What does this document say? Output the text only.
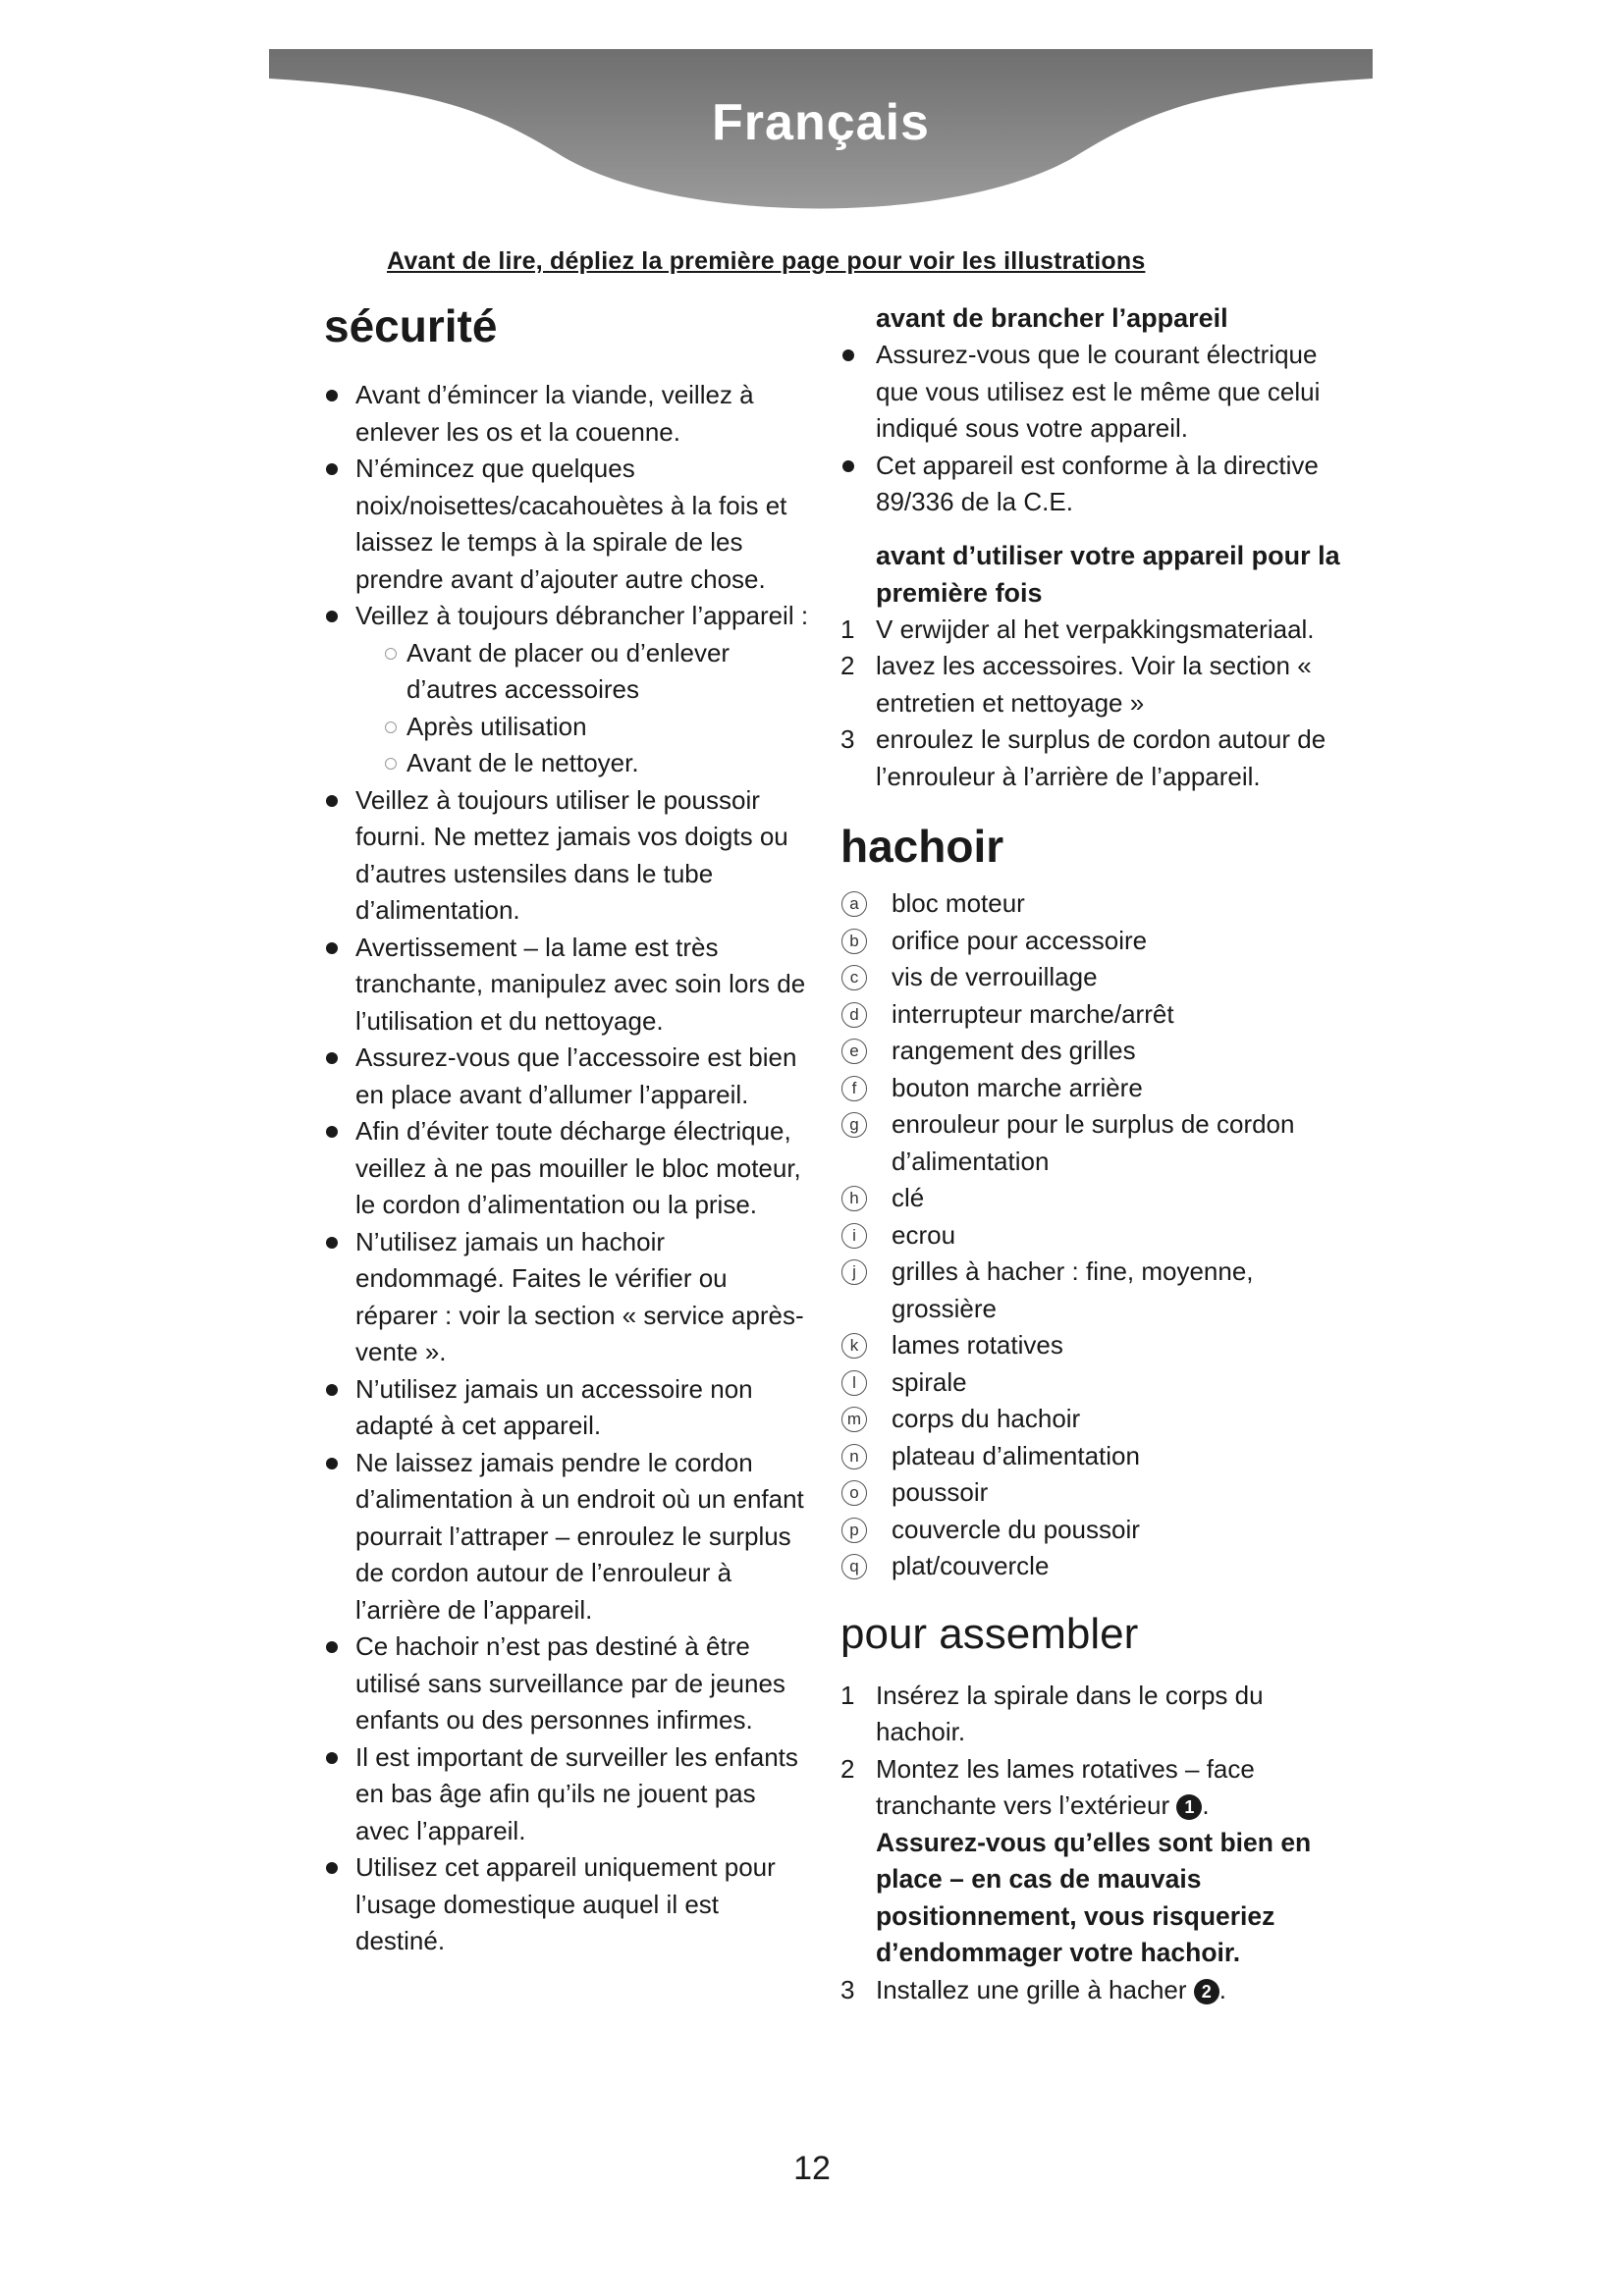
Français
Avant de lire, dépliez la première page pour voir les illustrations
sécurité
Avant d’émincer la viande, veillez à enlever les os et la couenne.
N’émincez que quelques noix/noisettes/cacahouètes à la fois et laissez le temps à la spirale de les prendre avant d’ajouter autre chose.
Veillez à toujours débrancher l’appareil :
Avant de placer ou d’enlever d’autres accessoires
Après utilisation
Avant de le nettoyer.
Veillez à toujours utiliser le poussoir fourni. Ne mettez jamais vos doigts ou d’autres ustensiles dans le tube d’alimentation.
Avertissement – la lame est très tranchante, manipulez avec soin lors de l’utilisation et du nettoyage.
Assurez-vous que l’accessoire est bien en place avant d’allumer l’appareil.
Afin d’éviter toute décharge électrique, veillez à ne pas mouiller le bloc moteur, le cordon d’alimentation ou la prise.
N’utilisez jamais un hachoir endommagé. Faites le vérifier ou réparer : voir la section « service après-vente ».
N’utilisez jamais un accessoire non adapté à cet appareil.
Ne laissez jamais pendre le cordon d’alimentation à un endroit où un enfant pourrait l’attraper – enroulez le surplus de cordon autour de l’enrouleur à l’arrière de l’appareil.
Ce hachoir n’est pas destiné à être utilisé sans surveillance par de jeunes enfants ou des personnes infirmes.
Il est important de surveiller les enfants en bas âge afin qu’ils ne jouent pas avec l’appareil.
Utilisez cet appareil uniquement pour l’usage domestique auquel il est destiné.
avant de brancher l’appareil
Assurez-vous que le courant électrique que vous utilisez est le même que celui indiqué sous votre appareil.
Cet appareil est conforme à la directive 89/336 de la C.E.
avant d’utiliser votre appareil pour la première fois
1 V erwijder al het verpakkingsmateriaal.
2 lavez les accessoires. Voir la section « entretien et nettoyage »
3 enroulez le surplus de cordon autour de l’enrouleur à l’arrière de l’appareil.
hachoir
a	bloc moteur
b	orifice pour accessoire
c	vis de verrouillage
d	interrupteur marche/arrêt
e	rangement des grilles
f	bouton marche arrière
g	enrouleur pour le surplus de cordon d’alimentation
h	clé
i	ecrou
j	grilles à hacher : fine, moyenne, grossière
k	lames rotatives
l	spirale
m corps du hachoir
n	plateau d’alimentation
o	poussoir
p	couvercle du poussoir
q	plat/couvercle
pour assembler
1 Insérez la spirale dans le corps du hachoir.
2 Montez les lames rotatives – face tranchante vers l’extérieur 1 .
Assurez-vous qu’elles sont bien en place – en cas de mauvais positionnement, vous risqueriez d’endommager votre hachoir.
3 Installez une grille à hacher 2 .
12
